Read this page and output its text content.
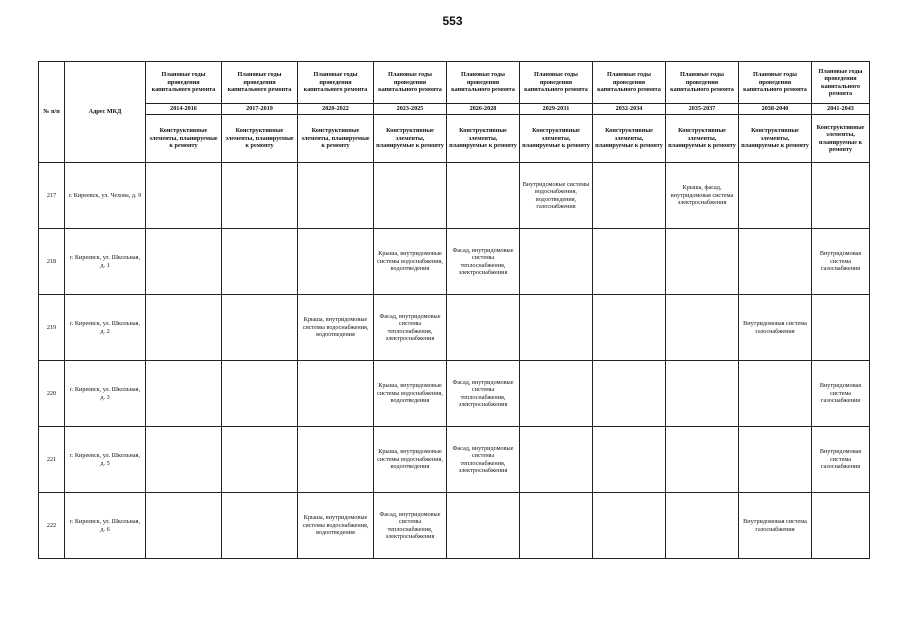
553
№ п/п	Адрес МКД	Плановые годы проведения капитального ремонта	Плановые годы проведения капитального ремонта	Плановые годы проведения капитального ремонта	Плановые годы проведения капитального ремонта	Плановые годы проведения капитального ремонта	Плановые годы проведения капитального ремонта	Плановые годы проведения капитального ремонта	Плановые годы проведения капитального ремонта	Плановые годы проведения капитального ремонта	Плановые годы проведения капитального ремонта
		2014-2016	2017-2019	2020-2022	2023-2025	2026-2028	2029-2031	2032-2034	2035-2037	2038-2040	2041-2043
		Конструктивные элементы, планируемые к ремонту	Конструктивные элементы, планируемые к ремонту	Конструктивные элементы, планируемые к ремонту	Конструктивные элементы, планируемые к ремонту	Конструктивные элементы, планируемые к ремонту	Конструктивные элементы, планируемые к ремонту	Конструктивные элементы, планируемые к ремонту	Конструктивные элементы, планируемые к ремонту	Конструктивные элементы, планируемые к ремонту	Конструктивные элементы, планируемые к ремонту
217	г. Киреевск, ул. Чехова, д. 9						Внутридомовые системы водоснабжения, водоотведения, газоснабжения		Крыша, фасад, внутридомовая система электроснабжения		
218	г. Киреевск, ул. Школьная, д. 1				Крыша, внутридомовые системы водоснабжения, водоотведения	Фасад, внутридомовые системы теплоснабжения, электроснабжения					Внутридомовая система газоснабжения
219	г. Киреевск, ул. Школьная, д. 2			Крыша, внутридомовые системы водоснабжения, водоотведения	Фасад, внутридомовые системы теплоснабжения, электроснабжения					Внутридомовая система газоснабжения	
220	г. Киреевск, ул. Школьная, д. 3				Крыша, внутридомовые системы водоснабжения, водоотведения	Фасад, внутридомовые системы теплоснабжения, электроснабжения					Внутридомовая система газоснабжения
221	г. Киреевск, ул. Школьная, д. 5				Крыша, внутридомовые системы водоснабжения, водоотведения	Фасад, внутридомовые системы теплоснабжения, электроснабжения					Внутридомовая система газоснабжения
222	г. Киреевск, ул. Школьная, д. 6			Крыша, внутридомовые системы водоснабжения, водоотведения	Фасад, внутридомовые системы теплоснабжения, электроснабжения					Внутридомовая система газоснабжения	
